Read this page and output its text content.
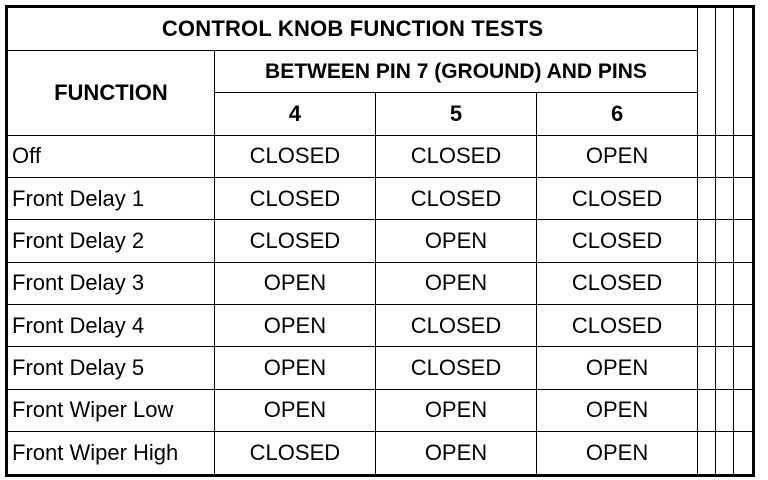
CONTROL KNOB FUNCTION TESTS						
FUNCTION	BETWEEN PIN 7 (GROUND) AND PINS					
	4	5	6			
Off	CLOSED	CLOSED	OPEN			
Front Delay 1	CLOSED	CLOSED	CLOSED			
Front Delay 2	CLOSED	OPEN	CLOSED			
Front Delay 3	OPEN	OPEN	CLOSED			
Front Delay 4	OPEN	CLOSED	CLOSED			
Front Delay 5	OPEN	CLOSED	OPEN			
Front Wiper Low	OPEN	OPEN	OPEN			
Front Wiper High	CLOSED	OPEN	OPEN			
